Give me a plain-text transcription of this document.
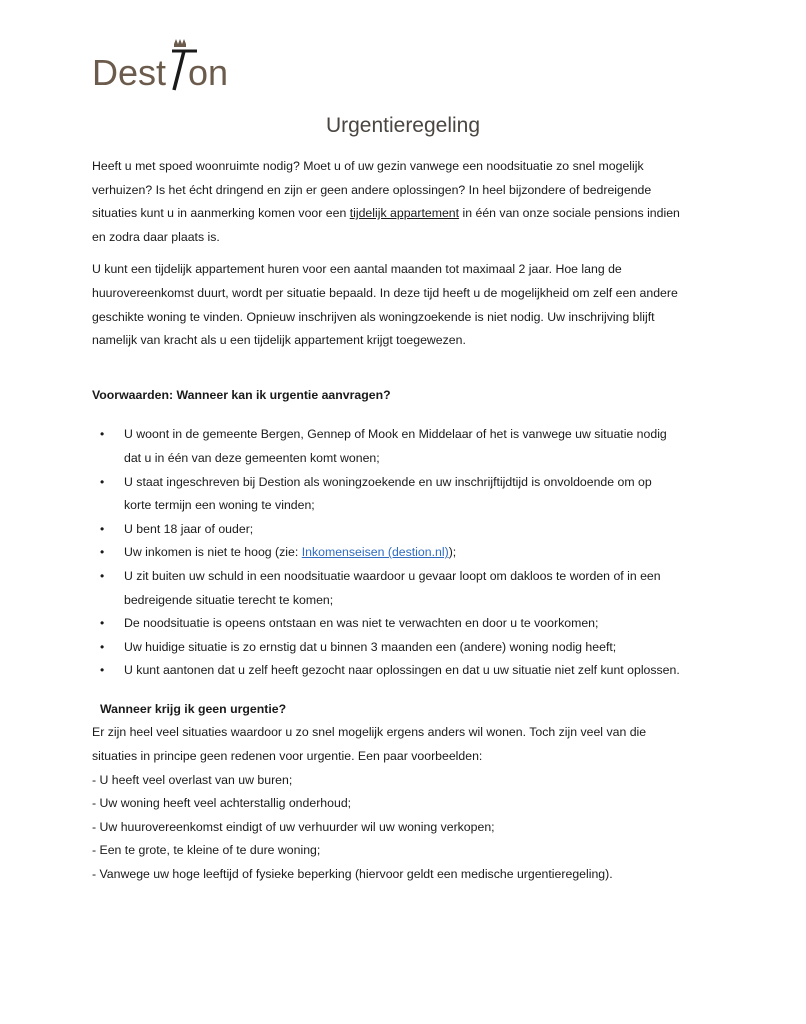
Dest on
Urgentieregeling

Heeft u met spoed woonruimte nodig? Moet u of uw gezin vanwege een noodsituatie zo snel mogelijk verhuizen? Is het écht dringend en zijn er geen andere oplossingen? In heel bijzondere of bedreigende situaties kunt u in aanmerking komen voor een tijdelijk appartement in één van onze sociale pensions indien en zodra daar plaats is.

U kunt een tijdelijk appartement huren voor een aantal maanden tot maximaal 2 jaar. Hoe lang de huurovereenkomst duurt, wordt per situatie bepaald. In deze tijd heeft u de mogelijkheid om zelf een andere geschikte woning te vinden. Opnieuw inschrijven als woningzoekende is niet nodig. Uw inschrijving blijft namelijk van kracht als u een tijdelijk appartement krijgt toegewezen.

Voorwaarden: Wanneer kan ik urgentie aanvragen?

• U woont in de gemeente Bergen, Gennep of Mook en Middelaar of het is vanwege uw situatie nodig dat u in één van deze gemeenten komt wonen;
• U staat ingeschreven bij Destion als woningzoekende en uw inschrijftijdtijd is onvoldoende om op korte termijn een woning te vinden;
• U bent 18 jaar of ouder;
• Uw inkomen is niet te hoog (zie: Inkomenseisen (destion.nl));
• U zit buiten uw schuld in een noodsituatie waardoor u gevaar loopt om dakloos te worden of in een bedreigende situatie terecht te komen;
• De noodsituatie is opeens ontstaan en was niet te verwachten en door u te voorkomen;
• Uw huidige situatie is zo ernstig dat u binnen 3 maanden een (andere) woning nodig heeft;
• U kunt aantonen dat u zelf heeft gezocht naar oplossingen en dat u uw situatie niet zelf kunt oplossen.

Wanneer krijg ik geen urgentie?

Er zijn heel veel situaties waardoor u zo snel mogelijk ergens anders wil wonen. Toch zijn veel van die situaties in principe geen redenen voor urgentie. Een paar voorbeelden:

- U heeft veel overlast van uw buren;

- Uw woning heeft veel achterstallig onderhoud;

- Uw huurovereenkomst eindigt of uw verhuurder wil uw woning verkopen;

- Een te grote, te kleine of te dure woning;

- Vanwege uw hoge leeftijd of fysieke beperking (hiervoor geldt een medische urgentieregeling).
